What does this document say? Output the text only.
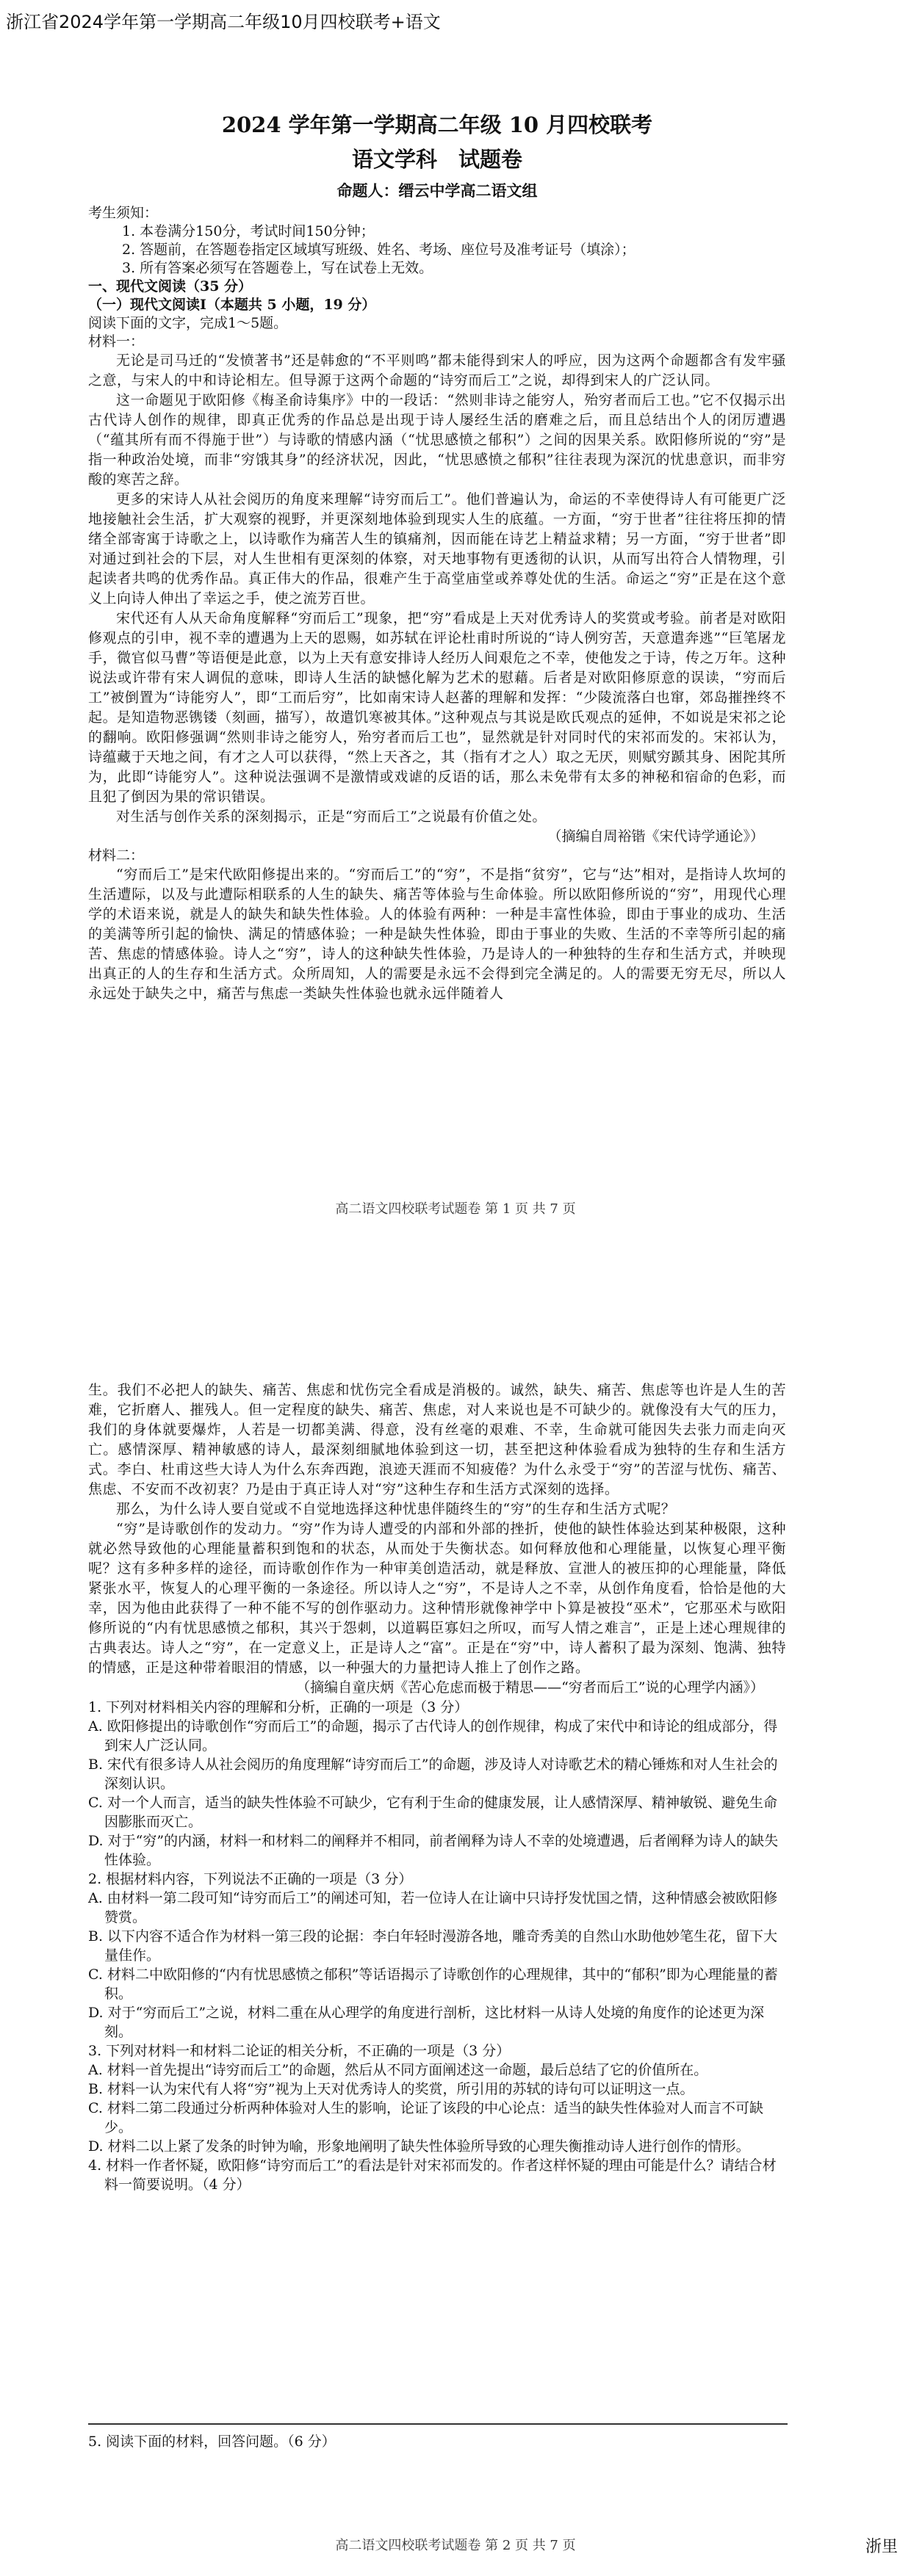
浙江省2024学年第一学期高二年级10月四校联考+语文

2024 学年第一学期高二年级 10 月四校联考

语文学科　试题卷

命题人：缙云中学高二语文组

考生须知：

1. 本卷满分150分，考试时间150分钟；

2. 答题前，在答题卷指定区域填写班级、姓名、考场、座位号及准考证号（填涂）；

3. 所有答案必须写在答题卷上，写在试卷上无效。

一、现代文阅读（35 分）

（一）现代文阅读Ⅰ（本题共 5 小题，19 分）

阅读下面的文字，完成1～5题。

材料一：

无论是司马迁的“发愤著书”还是韩愈的“不平则鸣”都未能得到宋人的呼应，因为这两个命题都含有发牢骚之意，与宋人的中和诗论相左。但导源于这两个命题的“诗穷而后工”之说，却得到宋人的广泛认同。

这一命题见于欧阳修《梅圣俞诗集序》中的一段话：“然则非诗之能穷人，殆穷者而后工也。”它不仅揭示出古代诗人创作的规律，即真正优秀的作品总是出现于诗人屡经生活的磨难之后，而且总结出个人的闭厉遭遇（“蕴其所有而不得施于世”）与诗歌的情感内涵（“忧思感愤之郁积”）之间的因果关系。欧阳修所说的“穷”是指一种政治处境，而非“穷饿其身”的经济状况，因此，“忧思感愤之郁积”往往表现为深沉的忧患意识，而非穷酸的寒苦之辞。

更多的宋诗人从社会阅历的角度来理解“诗穷而后工”。他们普遍认为，命运的不幸使得诗人有可能更广泛地接触社会生活，扩大观察的视野，并更深刻地体验到现实人生的底蕴。一方面，“穷于世者”往往将压抑的情绪全部寄寓于诗歌之上，以诗歌作为痛苦人生的镇痛剂，因而能在诗艺上精益求精；另一方面，“穷于世者”即对通过到社会的下层，对人生世相有更深刻的体察，对天地事物有更透彻的认识，从而写出符合人情物理，引起读者共鸣的优秀作品。真正伟大的作品，很难产生于高堂庙堂或养尊处优的生活。命运之“穷”正是在这个意义上向诗人伸出了幸运之手，使之流芳百世。

宋代还有人从天命角度解释“穷而后工”现象，把“穷”看成是上天对优秀诗人的奖赏或考验。前者是对欧阳修观点的引申，视不幸的遭遇为上天的恩赐，如苏轼在评论杜甫时所说的“诗人例穷苦，天意遣奔逃”“巨笔屠龙手，微官似马曹”等语便是此意，以为上天有意安排诗人经历人间艰危之不幸，使他发之于诗，传之万年。这种说法或许带有宋人调侃的意味，即诗人生活的缺憾化解为艺术的慰藉。后者是对欧阳修原意的误读，“穷而后工”被倒置为“诗能穷人”，即“工而后穷”，比如南宋诗人赵蕃的理解和发挥：“少陵流落白也窜，郊岛摧挫终不起。是知造物恶镌镂（刻画，描写），故遣饥寒被其体。”这种观点与其说是欧氏观点的延伸，不如说是宋祁之论的翻响。欧阳修强调“然则非诗之能穷人，殆穷者而后工也”，显然就是针对同时代的宋祁而发的。宋祁认为，诗蕴藏于天地之间，有才之人可以获得，“然上天吝之，其（指有才之人）取之无厌，则赋穷踬其身、困陀其所为，此即“诗能穷人”。这种说法强调不是激情或戏谑的反语的话，那么未免带有太多的神秘和宿命的色彩，而且犯了倒因为果的常识错误。

对生活与创作关系的深刻揭示，正是“穷而后工”之说最有价值之处。

（摘编自周裕锴《宋代诗学通论》）

材料二：

“穷而后工”是宋代欧阳修提出来的。“穷而后工”的“穷”，不是指“贫穷”，它与“达”相对，是指诗人坎坷的生活遭际，以及与此遭际相联系的人生的缺失、痛苦等体验与生命体验。所以欧阳修所说的“穷”，用现代心理学的术语来说，就是人的缺失和缺失性体验。人的体验有两种：一种是丰富性体验，即由于事业的成功、生活的美满等所引起的愉快、满足的情感体验；一种是缺失性体验，即由于事业的失败、生活的不幸等所引起的痛苦、焦虑的情感体验。诗人之“穷”，诗人的这种缺失性体验，乃是诗人的一种独特的生存和生活方式，并映现出真正的人的生存和生活方式。众所周知，人的需要是永远不会得到完全满足的。人的需要无穷无尽，所以人永远处于缺失之中，痛苦与焦虑一类缺失性体验也就永远伴随着人

高二语文四校联考试题卷 第 1 页 共 7 页

生。我们不必把人的缺失、痛苦、焦虑和忧伤完全看成是消极的。诚然，缺失、痛苦、焦虑等也许是人生的苦难，它折磨人、摧残人。但一定程度的缺失、痛苦、焦虑，对人来说也是不可缺少的。就像没有大气的压力，我们的身体就要爆炸，人若是一切都美满、得意，没有丝毫的艰难、不幸，生命就可能因失去张力而走向灭亡。感情深厚、精神敏感的诗人，最深刻细腻地体验到这一切，甚至把这种体验看成为独特的生存和生活方式。李白、杜甫这些大诗人为什么东奔西跑，浪迹天涯而不知疲倦？为什么永受于“穷”的苦涩与忧伤、痛苦、焦虑、不安而不改初衷？乃是由于真正诗人对“穷”这种生存和生活方式深刻的选择。

那么，为什么诗人要自觉或不自觉地选择这种忧患伴随终生的“穷”的生存和生活方式呢？

“穷”是诗歌创作的发动力。“穷”作为诗人遭受的内部和外部的挫折，使他的缺性体验达到某种极限，这种就必然导致他的心理能量蓄积到饱和的状态，从而处于失衡状态。如何释放他和心理能量，以恢复心理平衡呢？这有多种多样的途径，而诗歌创作作为一种审美创造活动，就是释放、宣泄人的被压抑的心理能量，降低紧张水平，恢复人的心理平衡的一条途径。所以诗人之“穷”，不是诗人之不幸，从创作角度看，恰恰是他的大幸，因为他由此获得了一种不能不写的创作驱动力。这种情形就像神学中卜算是被投“巫术”，它那巫术与欧阳修所说的“内有忧思感愤之郁积，其兴于怨刺，以道羁臣寡妇之所叹，而写人情之难言”，正是上述心理规律的古典表达。诗人之“穷”，在一定意义上，正是诗人之“富”。正是在“穷”中，诗人蓄积了最为深刻、饱满、独特的情感，正是这种带着眼泪的情感，以一种强大的力量把诗人推上了创作之路。

（摘编自童庆炳《苦心危虑而极于精思——“穷者而后工”说的心理学内涵》）

1. 下列对材料相关内容的理解和分析，正确的一项是（3 分）

A. 欧阳修提出的诗歌创作“穷而后工”的命题，揭示了古代诗人的创作规律，构成了宋代中和诗论的组成部分，得到宋人广泛认同。

B. 宋代有很多诗人从社会阅历的角度理解“诗穷而后工”的命题，涉及诗人对诗歌艺术的精心锤炼和对人生社会的深刻认识。

C. 对一个人而言，适当的缺失性体验不可缺少，它有利于生命的健康发展，让人感情深厚、精神敏锐、避免生命因膨胀而灭亡。

D. 对于“穷”的内涵，材料一和材料二的阐释并不相同，前者阐释为诗人不幸的处境遭遇，后者阐释为诗人的缺失性体验。

2. 根据材料内容，下列说法不正确的一项是（3 分）

A. 由材料一第二段可知“诗穷而后工”的阐述可知，若一位诗人在让谪中只诗抒发忧国之情，这种情感会被欧阳修赞赏。

B. 以下内容不适合作为材料一第三段的论据：李白年轻时漫游各地，雕奇秀美的自然山水助他妙笔生花，留下大量佳作。

C. 材料二中欧阳修的“内有忧思感愤之郁积”等话语揭示了诗歌创作的心理规律，其中的“郁积”即为心理能量的蓄积。

D. 对于“穷而后工”之说，材料二重在从心理学的角度进行剖析，这比材料一从诗人处境的角度作的论述更为深刻。

3. 下列对材料一和材料二论证的相关分析，不正确的一项是（3 分）

A. 材料一首先提出“诗穷而后工”的命题，然后从不同方面阐述这一命题，最后总结了它的价值所在。

B. 材料一认为宋代有人将“穷”视为上天对优秀诗人的奖赏，所引用的苏轼的诗句可以证明这一点。

C. 材料二第二段通过分析两种体验对人生的影响，论证了该段的中心论点：适当的缺失性体验对人而言不可缺少。

D. 材料二以上紧了发条的时钟为喻，形象地阐明了缺失性体验所导致的心理失衡推动诗人进行创作的情形。

4. 材料一作者怀疑，欧阳修“诗穷而后工”的看法是针对宋祁而发的。作者这样怀疑的理由可能是什么？请结合材料一简要说明。（4 分）

5. 阅读下面的材料，回答问题。（6 分）

高二语文四校联考试题卷 第 2 页 共 7 页	浙里
